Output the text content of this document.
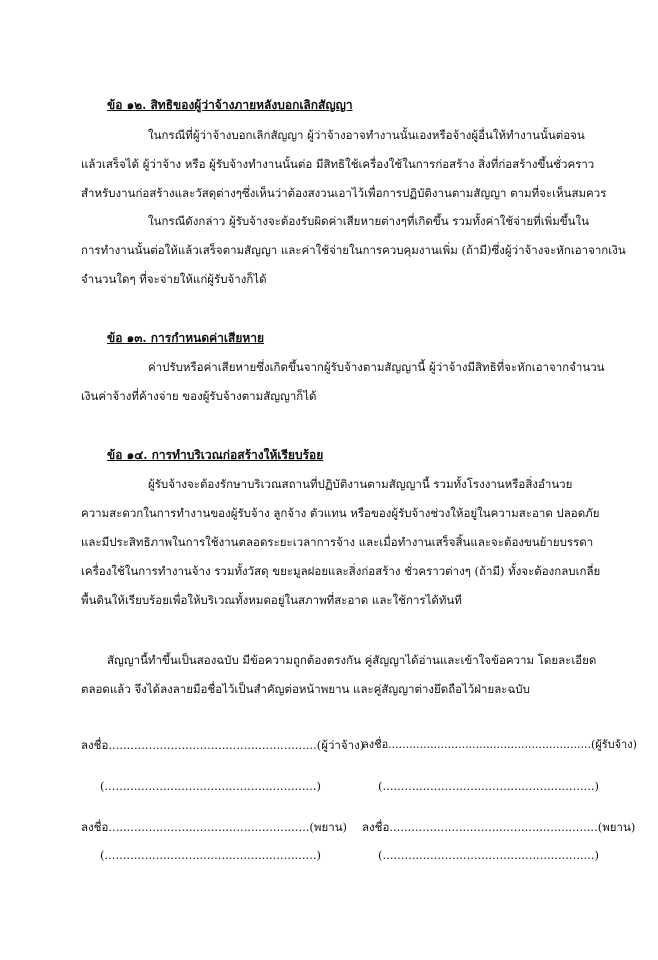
ข้อ ๑๒. สิทธิของผู้ว่าจ้างภายหลังบอกเลิกสัญญา
ในกรณีที่ผู้ว่าจ้างบอกเลิกสัญญา ผู้ว่าจ้างอาจทำงานนั้นเองหรือจ้างผู้อื่นให้ทำงานนั้นต่อจน
แล้วเสร็จได้ ผู้ว่าจ้าง หรือ ผู้รับจ้างทำงานนั้นต่อ มีสิทธิใช้เครื่องใช้ในการก่อสร้าง สิ่งที่ก่อสร้างขึ้นชั่วคราว
สำหรับงานก่อสร้างและวัสดุต่างๆซึ่งเห็นว่าต้องสงวนเอาไว้เพื่อการปฏิบัติงานตามสัญญา ตามที่จะเห็นสมควร
ในกรณีดังกล่าว ผู้รับจ้างจะต้องรับผิดค่าเสียหายต่างๆที่เกิดขึ้น รวมทั้งค่าใช้จ่ายที่เพิ่มขึ้นใน
การทำงานนั้นต่อให้แล้วเสร็จตามสัญญา และค่าใช้จ่ายในการควบคุมงานเพิ่ม (ถ้ามี)ซึ่งผู้ว่าจ้างจะหักเอาจากเงิน
จำนวนใดๆ ที่จะจ่ายให้แก่ผู้รับจ้างก็ได้
ข้อ ๑๓. การกำหนดค่าเสียหาย
ค่าปรับหรือค่าเสียหายซึ่งเกิดขึ้นจากผู้รับจ้างตามสัญญานี้ ผู้ว่าจ้างมีสิทธิที่จะหักเอาจากจำนวน
เงินค่าจ้างที่ค้างจ่าย ของผู้รับจ้างตามสัญญาก็ได้
ข้อ ๑๔. การทำบริเวณก่อสร้างให้เรียบร้อย
ผู้รับจ้างจะต้องรักษาบริเวณสถานที่ปฏิบัติงานตามสัญญานี้ รวมทั้งโรงงานหรือสิ่งอำนวย
ความสะดวกในการทำงานของผู้รับจ้าง ลูกจ้าง ตัวแทน หรือของผู้รับจ้างช่วงให้อยู่ในความสะอาด ปลอดภัย
และมีประสิทธิภาพในการใช้งานตลอดระยะเวลาการจ้าง และเมื่อทำงานเสร็จสิ้นและจะต้องขนย้ายบรรดา
เครื่องใช้ในการทำงานจ้าง รวมทั้งวัสดุ ขยะมูลฝอยและสิ่งก่อสร้าง ชั่วคราวต่างๆ (ถ้ามี) ทั้งจะต้องกลบเกลี่ย
พื้นดินให้เรียบร้อยเพื่อให้บริเวณทั้งหมดอยู่ในสภาพที่สะอาด และใช้การได้ทันที
สัญญานี้ทำขึ้นเป็นสองฉบับ มีข้อความถูกต้องตรงกัน คู่สัญญาได้อ่านและเข้าใจข้อความ โดยละเอียด
ตลอดแล้ว จึงได้ลงลายมือชื่อไว้เป็นสำคัญต่อหน้าพยาน และคู่สัญญาต่างยึดถือไว้ฝ่ายละฉบับ
ลงชื่อ.........................................................(ผู้ว่าจ้าง)
ลงชื่อ..........................................................(ผู้รับจ้าง)
(..........................................................)	(..........................................................)
ลงชื่อ.......................................................(พยาน) ลงชื่อ.........................................................(พยาน)
(..........................................................)	(..........................................................)
